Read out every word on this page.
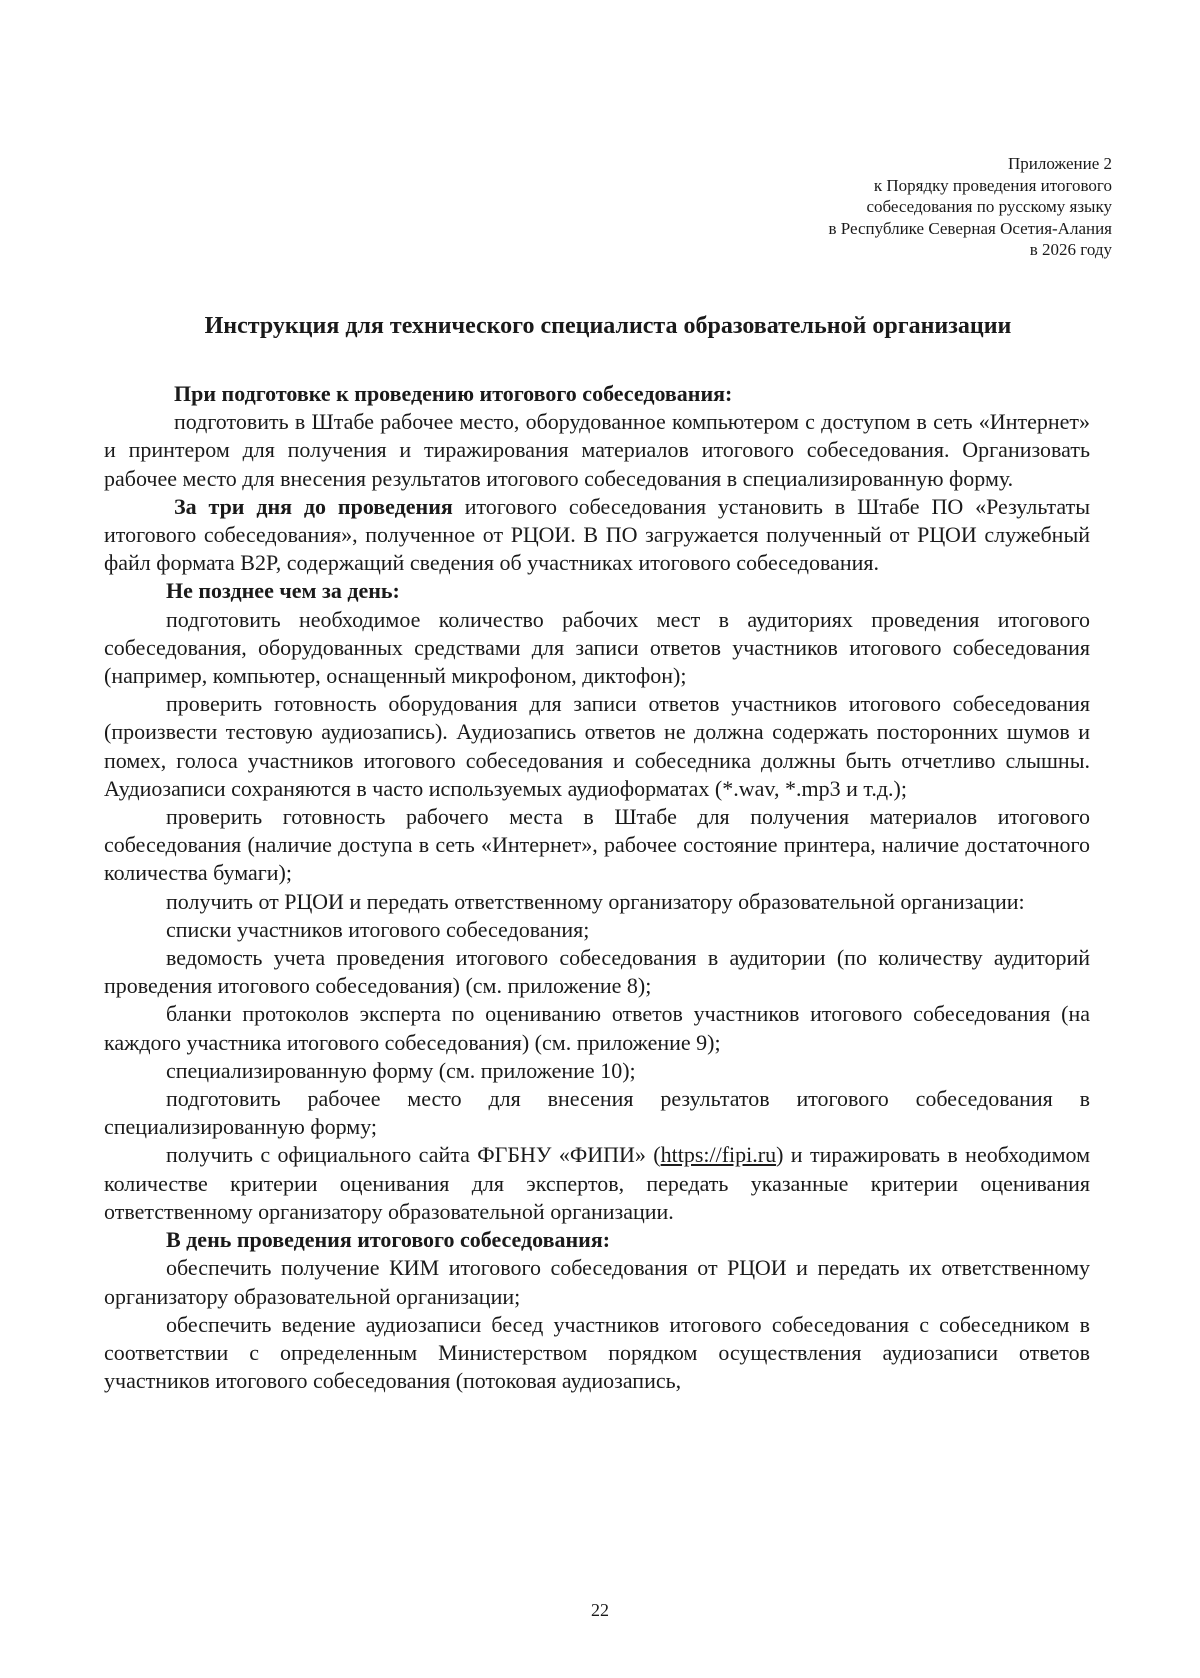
Приложение 2
к Порядку проведения итогового
собеседования по русскому языку
в Республике Северная Осетия-Алания
в 2026 году
Инструкция для технического специалиста образовательной организации

При подготовке к проведению итогового собеседования:

подготовить в Штабе рабочее место, оборудованное компьютером с доступом в сеть «Интернет» и принтером для получения и тиражирования материалов итогового собеседования. Организовать рабочее место для внесения результатов итогового собеседования в специализированную форму.

За три дня до проведения итогового собеседования установить в Штабе ПО «Результаты итогового собеседования», полученное от РЦОИ. В ПО загружается полученный от РЦОИ служебный файл формата B2P, содержащий сведения об участниках итогового собеседования.

Не позднее чем за день:

подготовить необходимое количество рабочих мест в аудиториях проведения итогового собеседования, оборудованных средствами для записи ответов участников итогового собеседования (например, компьютер, оснащенный микрофоном, диктофон);

проверить готовность оборудования для записи ответов участников итогового собеседования (произвести тестовую аудиозапись). Аудиозапись ответов не должна содержать посторонних шумов и помех, голоса участников итогового собеседования и собеседника должны быть отчетливо слышны. Аудиозаписи сохраняются в часто используемых аудиоформатах (*.wav, *.mp3 и т.д.);

проверить готовность рабочего места в Штабе для получения материалов итогового собеседования (наличие доступа в сеть «Интернет», рабочее состояние принтера, наличие достаточного количества бумаги);

получить от РЦОИ и передать ответственному организатору образовательной организации:

списки участников итогового собеседования;

ведомость учета проведения итогового собеседования в аудитории (по количеству аудиторий проведения итогового собеседования) (см. приложение 8);

бланки протоколов эксперта по оцениванию ответов участников итогового собеседования (на каждого участника итогового собеседования) (см. приложение 9);

специализированную форму (см. приложение 10);

подготовить рабочее место для внесения результатов итогового собеседования в специализированную форму;

получить с официального сайта ФГБНУ «ФИПИ» (https://fipi.ru) и тиражировать в необходимом количестве критерии оценивания для экспертов, передать указанные критерии оценивания ответственному организатору образовательной организации.

В день проведения итогового собеседования:

обеспечить получение КИМ итогового собеседования от РЦОИ и передать их ответственному организатору образовательной организации;

обеспечить ведение аудиозаписи бесед участников итогового собеседования с собеседником в соответствии с определенным Министерством порядком осуществления аудиозаписи ответов участников итогового собеседования (потоковая аудиозапись,

22
